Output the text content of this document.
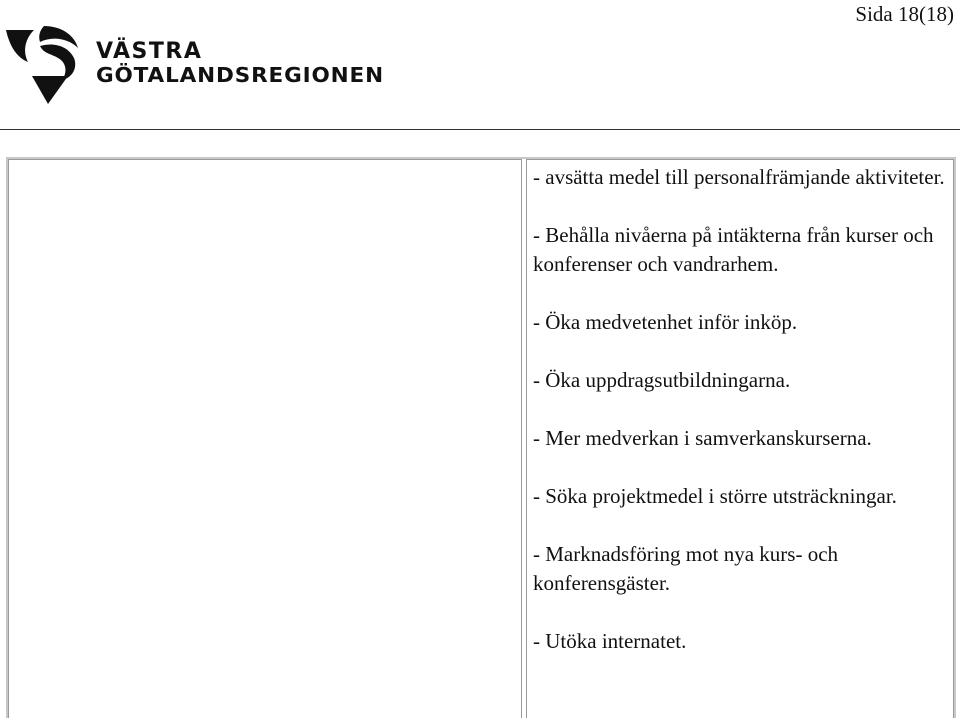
Sida 18(18)
VÄSTRA
GÖTALANDSREGIONEN
- avsätta medel till personalfrämjande aktiviteter.
- Behålla nivåerna på intäkterna från kurser och konferenser och vandrarhem.
- Öka medvetenhet inför inköp.
- Öka uppdragsutbildningarna.
- Mer medverkan i samverkanskurserna.
- Söka projektmedel i större utsträckningar.
- Marknadsföring mot nya kurs- och konferensgäster.
- Utöka internatet.
